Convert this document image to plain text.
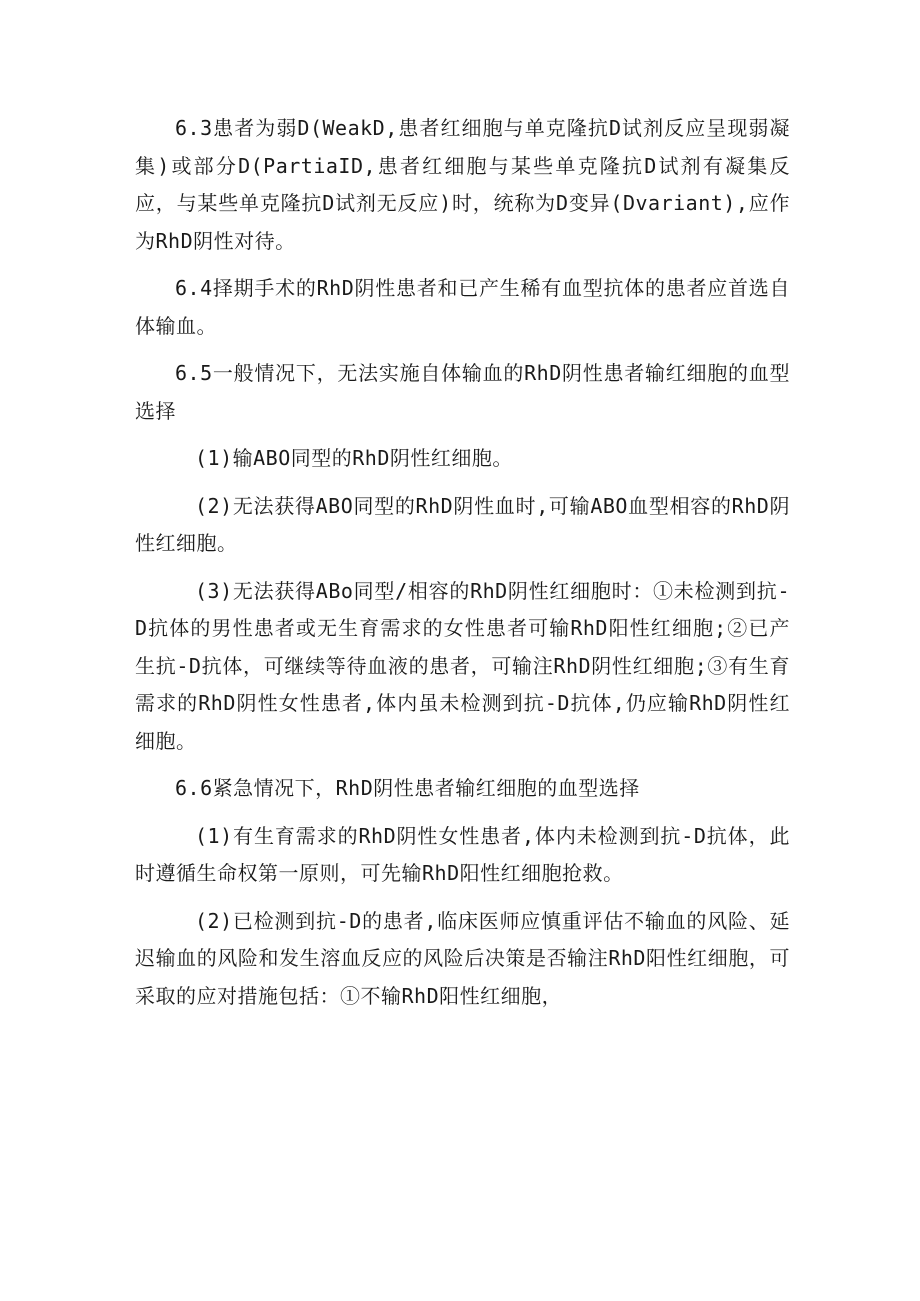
6.3患者为弱D(WeakD,患者红细胞与单克隆抗D试剂反应呈现弱凝集)或部分D(PartiaID,患者红细胞与某些单克隆抗D试剂有凝集反应，与某些单克隆抗D试剂无反应)时，统称为D变异(Dvariant),应作为RhD阴性对待。

6.4择期手术的RhD阴性患者和已产生稀有血型抗体的患者应首选自体输血。

6.5一般情况下，无法实施自体输血的RhD阴性患者输红细胞的血型选择

(1)输ABO同型的RhD阴性红细胞。

(2)无法获得ABO同型的RhD阴性血时,可输ABO血型相容的RhD阴性红细胞。

(3)无法获得ABo同型/相容的RhD阴性红细胞时：①未检测到抗-D抗体的男性患者或无生育需求的女性患者可输RhD阳性红细胞;②已产生抗-D抗体，可继续等待血液的患者，可输注RhD阴性红细胞;③有生育需求的RhD阴性女性患者,体内虽未检测到抗-D抗体,仍应输RhD阴性红细胞。

6.6紧急情况下，RhD阴性患者输红细胞的血型选择

(1)有生育需求的RhD阴性女性患者,体内未检测到抗-D抗体，此时遵循生命权第一原则，可先输RhD阳性红细胞抢救。

(2)已检测到抗-D的患者,临床医师应慎重评估不输血的风险、延迟输血的风险和发生溶血反应的风险后决策是否输注RhD阳性红细胞，可采取的应对措施包括：①不输RhD阳性红细胞，
